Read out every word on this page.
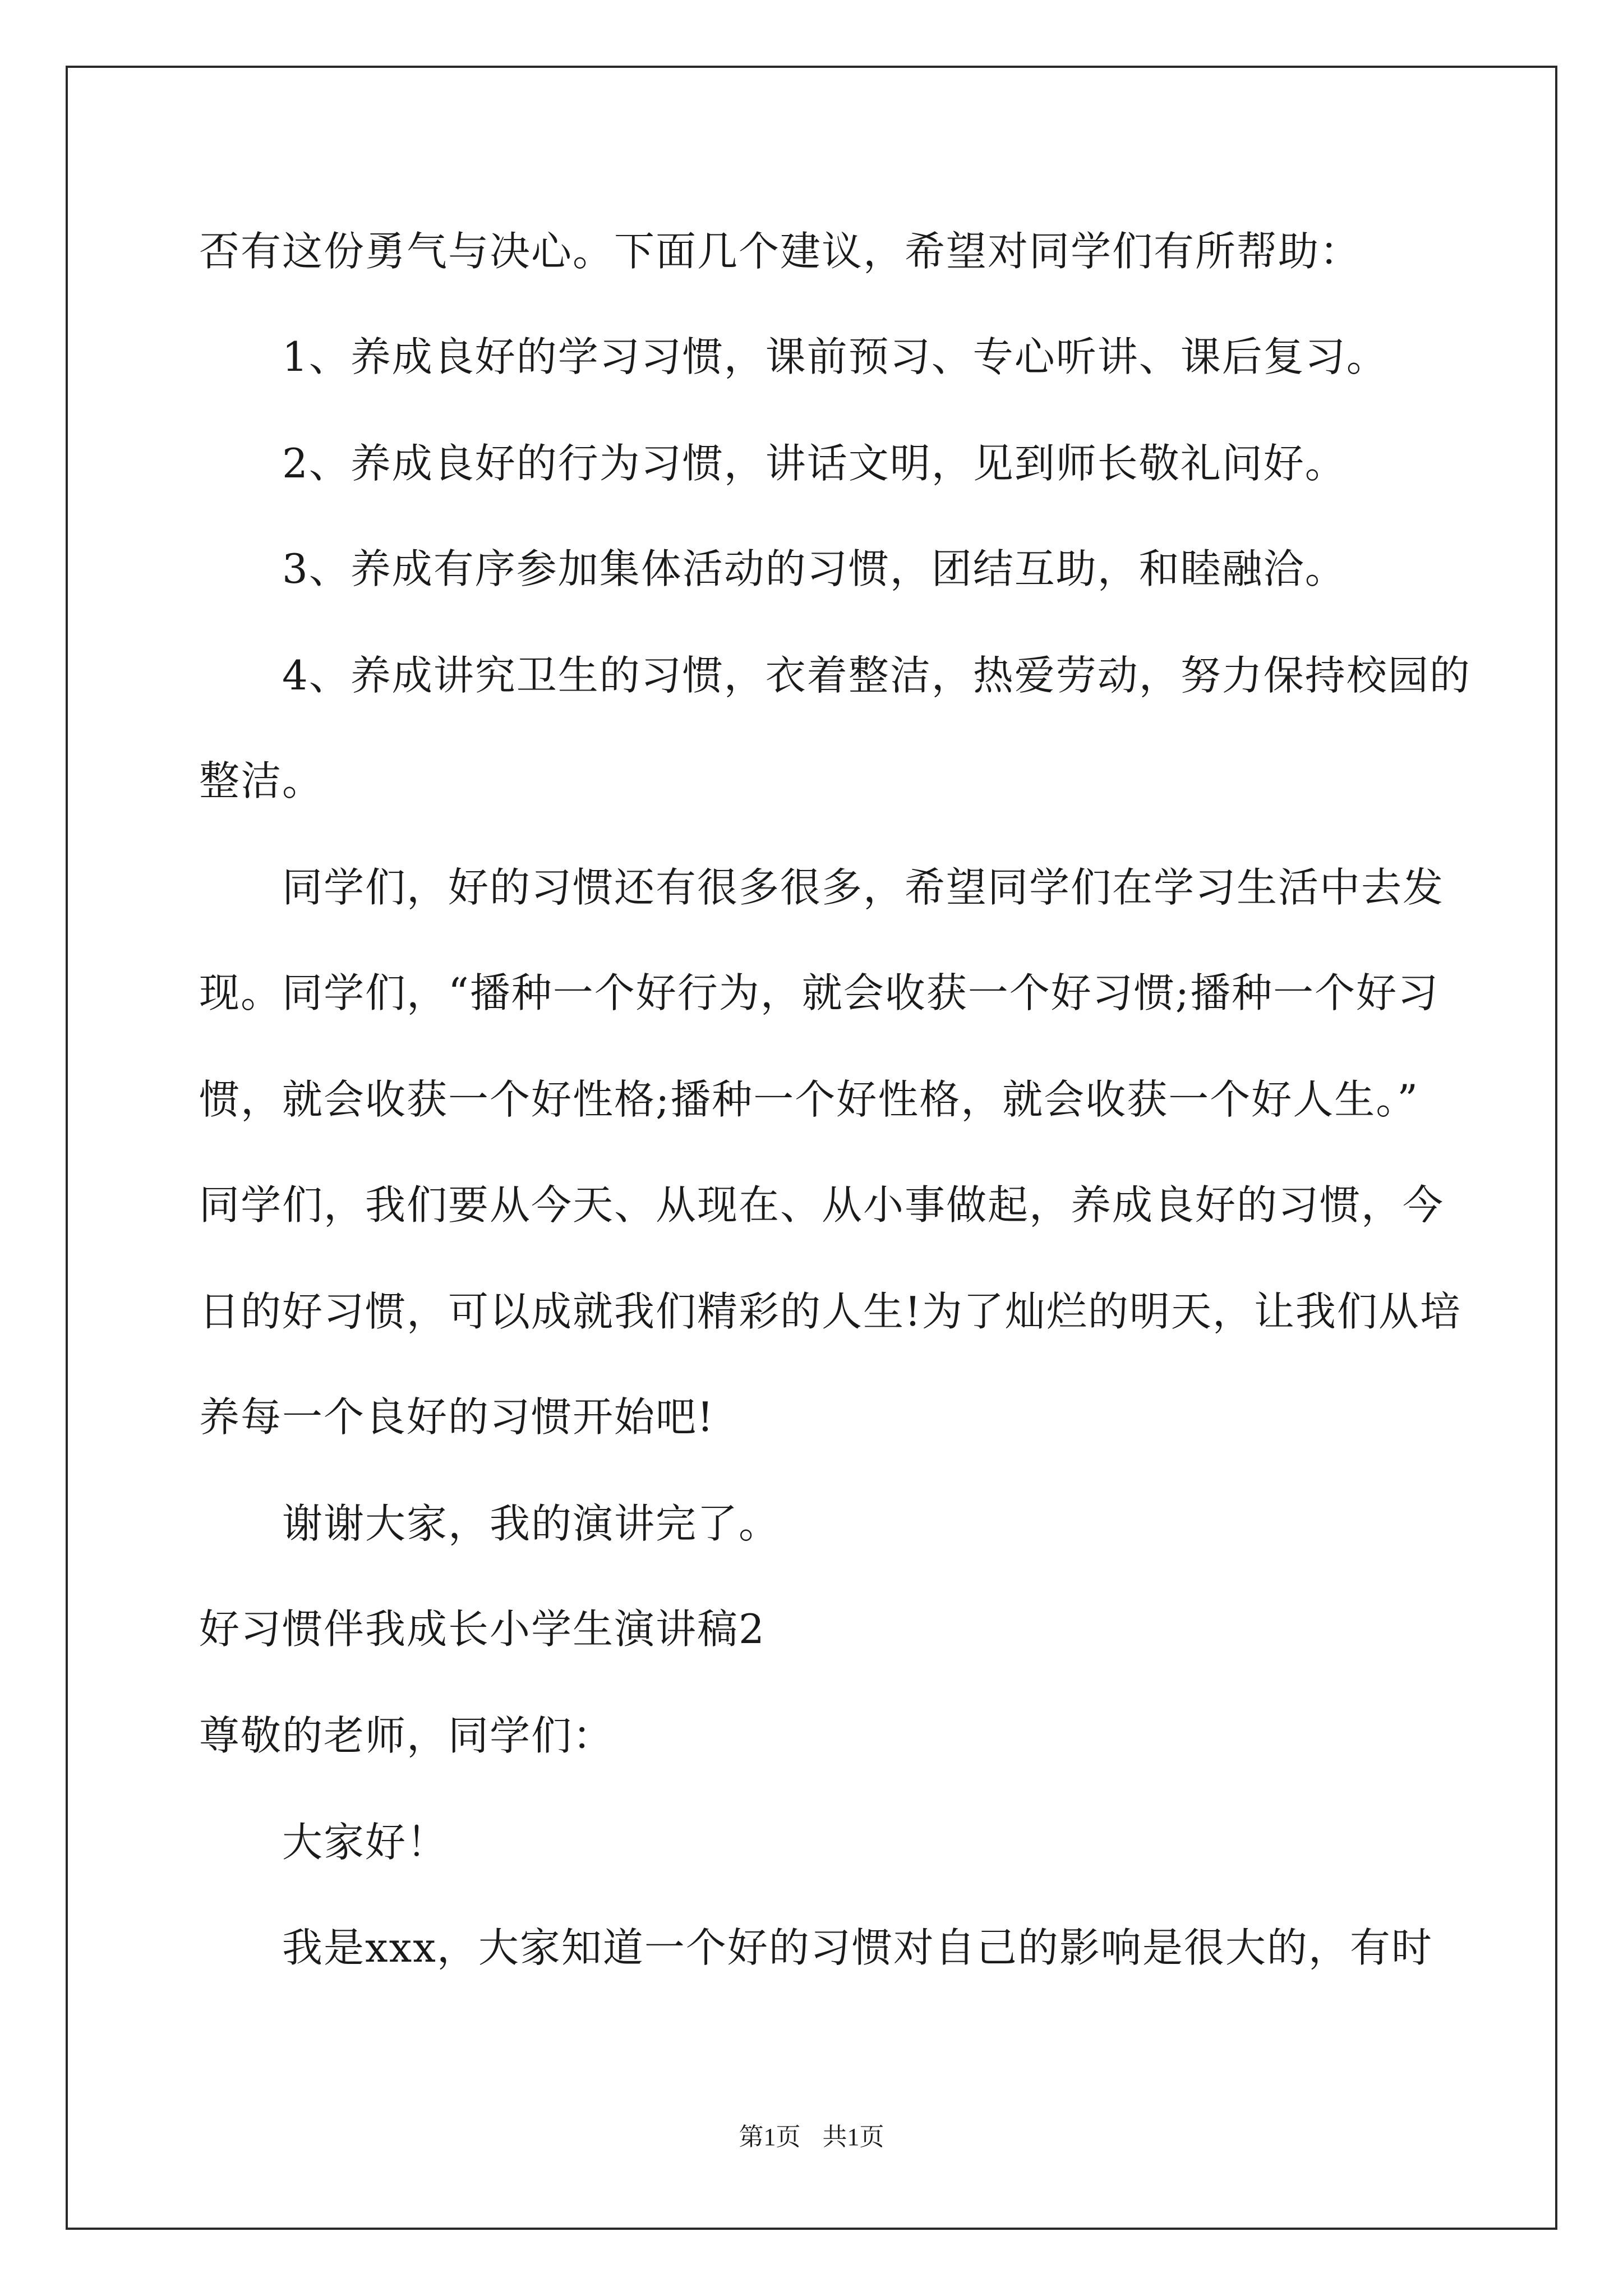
否有这份勇气与决心。下面几个建议，希望对同学们有所帮助：
1、养成良好的学习习惯，课前预习、专心听讲、课后复习。
2、养成良好的行为习惯，讲话文明，见到师长敬礼问好。
3、养成有序参加集体活动的习惯，团结互助，和睦融洽。
4、养成讲究卫生的习惯，衣着整洁，热爱劳动，努力保持校园的
整洁。
同学们，好的习惯还有很多很多，希望同学们在学习生活中去发
现。同学们，“播种一个好行为，就会收获一个好习惯;播种一个好习
惯，就会收获一个好性格;播种一个好性格，就会收获一个好人生。”
同学们，我们要从今天、从现在、从小事做起，养成良好的习惯，今
日的好习惯，可以成就我们精彩的人生!为了灿烂的明天，让我们从培
养每一个良好的习惯开始吧!
谢谢大家，我的演讲完了。
好习惯伴我成长小学生演讲稿2
尊敬的老师，同学们：
大家好！
我是xxx，大家知道一个好的习惯对自己的影响是很大的，有时
第1页 共1页
